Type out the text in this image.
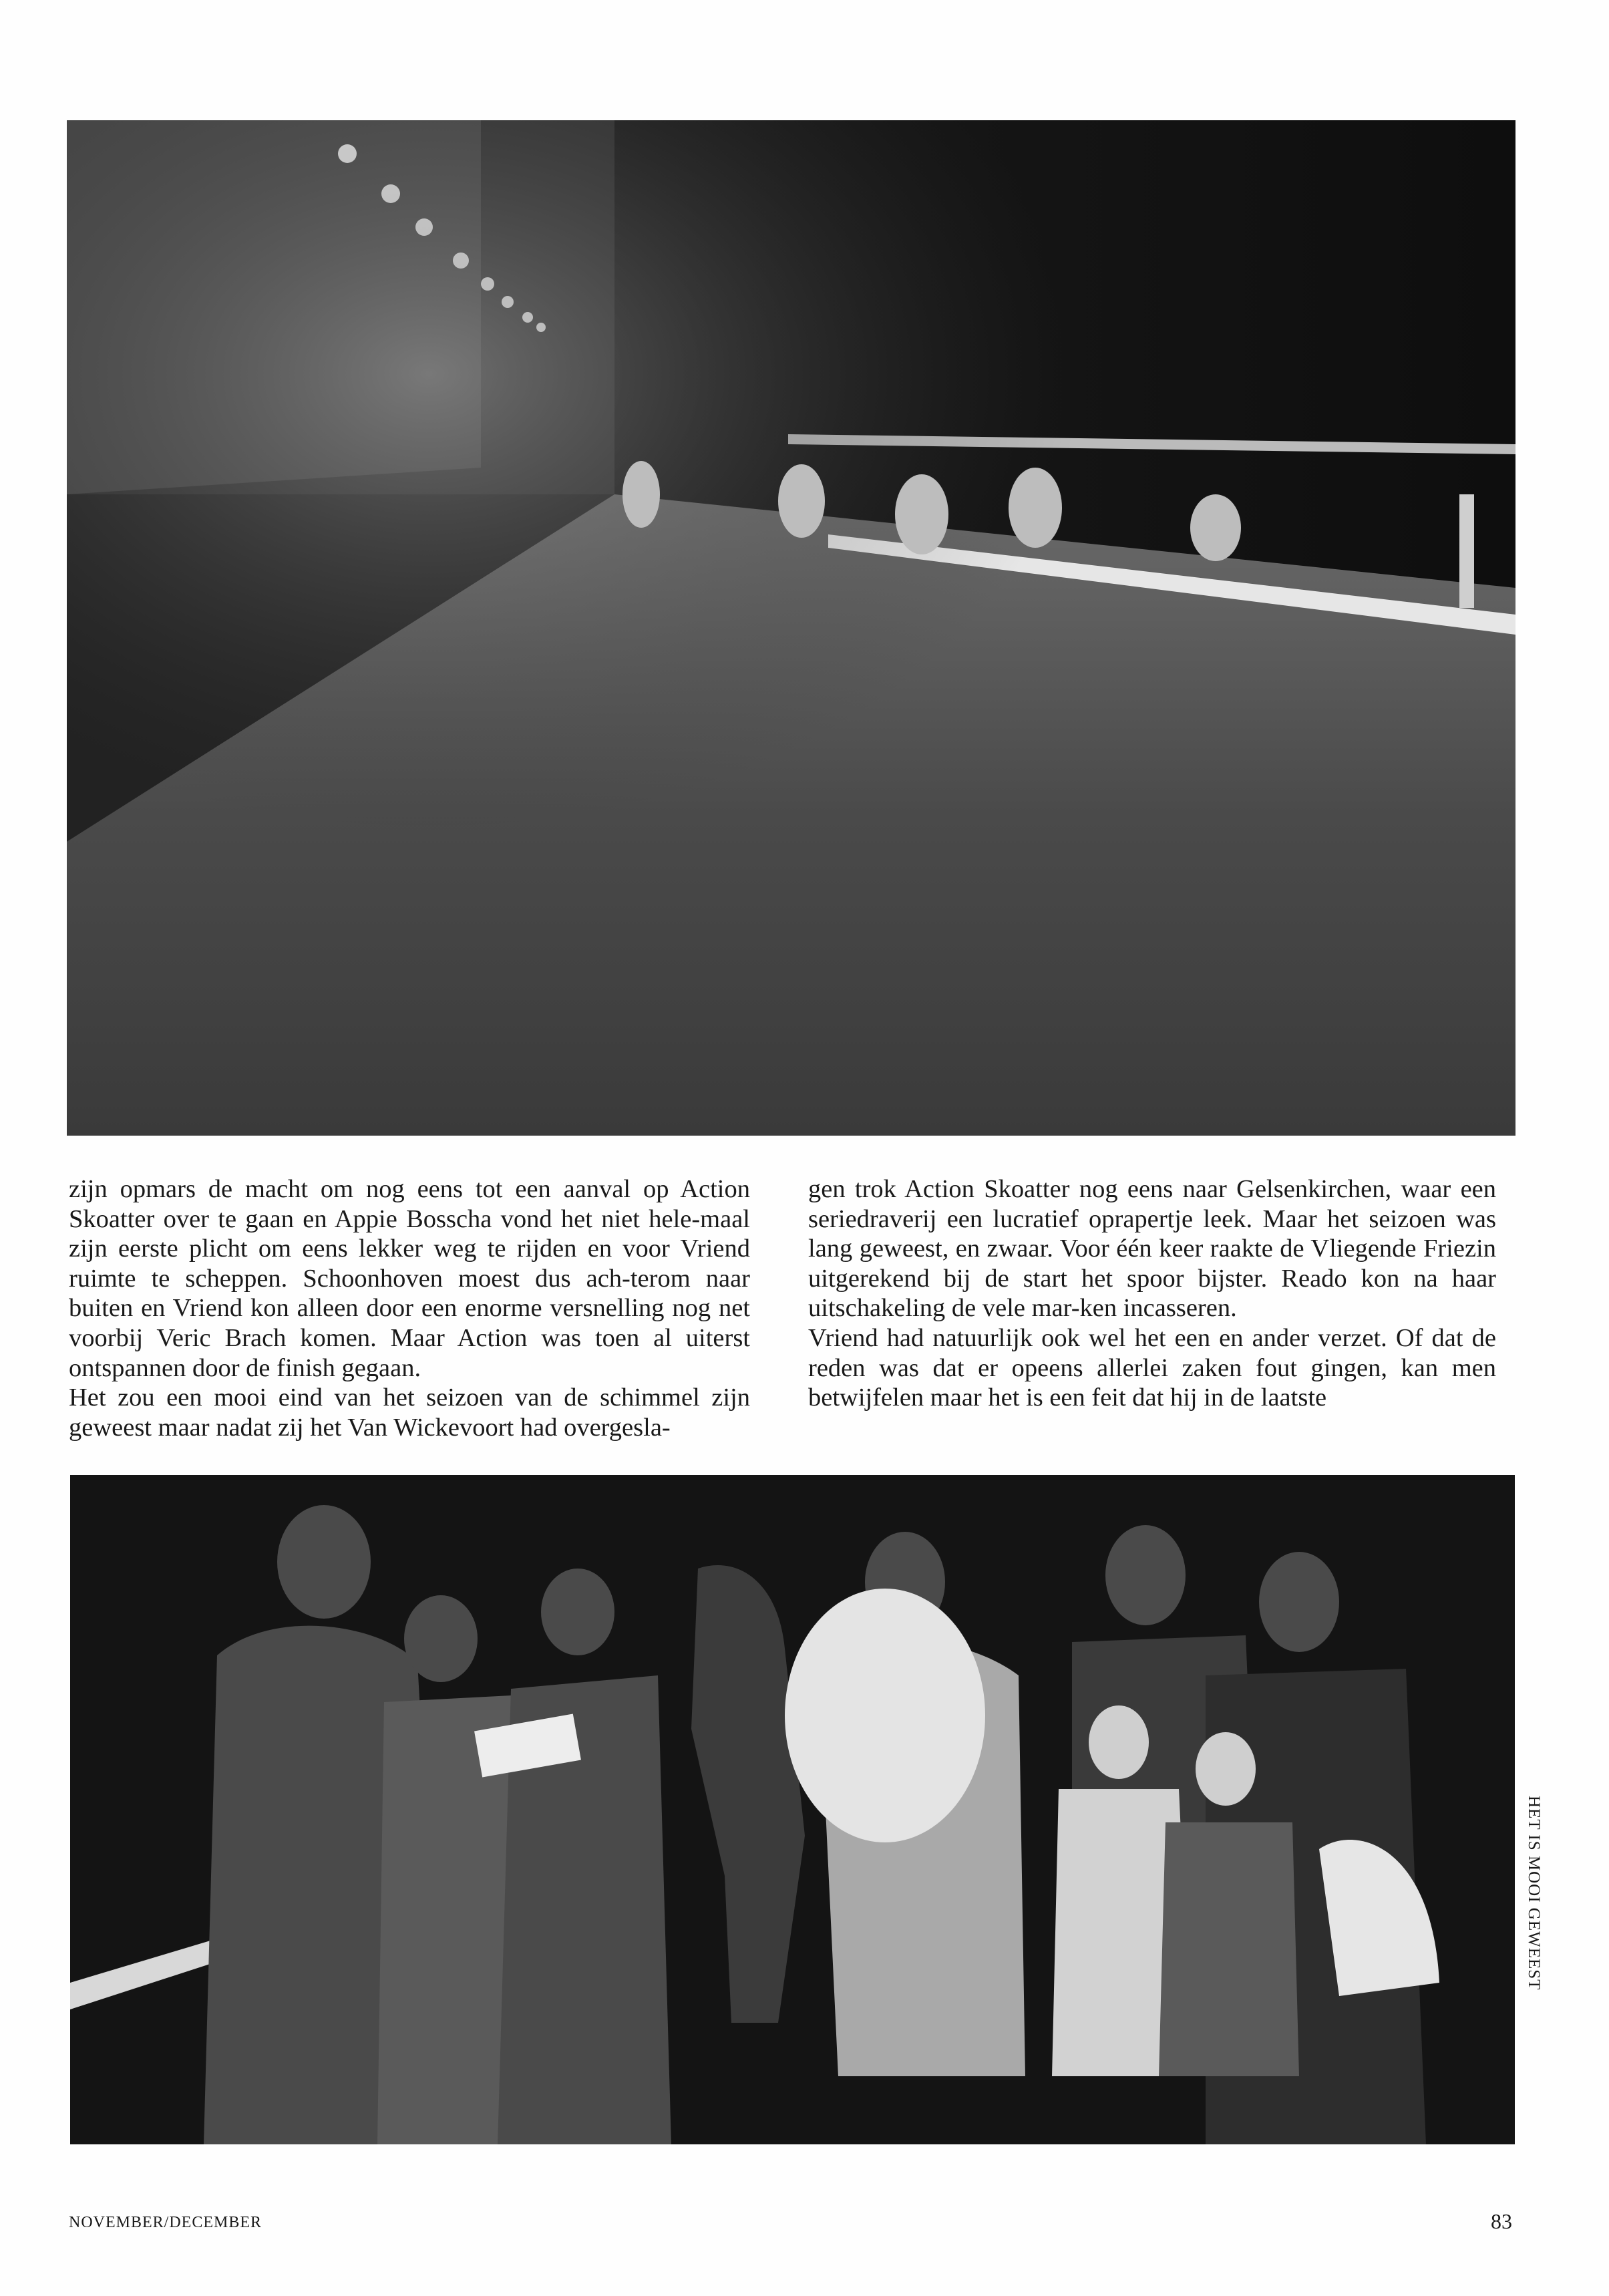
zijn opmars de macht om nog eens tot een aanval op Action Skoatter over te gaan en Appie Bosscha vond het niet hele-maal zijn eerste plicht om eens lekker weg te rijden en voor Vriend ruimte te scheppen. Schoonhoven moest dus ach-terom naar buiten en Vriend kon alleen door een enorme versnelling nog net voorbij Veric Brach komen. Maar Action was toen al uiterst ontspannen door de finish gegaan.

Het zou een mooi eind van het seizoen van de schimmel zijn geweest maar nadat zij het Van Wickevoort had overgesla-

gen trok Action Skoatter nog eens naar Gelsenkirchen, waar een seriedraverij een lucratief oprapertje leek. Maar het seizoen was lang geweest, en zwaar. Voor één keer raakte de Vliegende Friezin uitgerekend bij de start het spoor bijster. Reado kon na haar uitschakeling de vele mar-ken incasseren.

Vriend had natuurlijk ook wel het een en ander verzet. Of dat de reden was dat er opeens allerlei zaken fout gingen, kan men betwijfelen maar het is een feit dat hij in de laatste

HET IS MOOI GEWEEST
NOVEMBER/DECEMBER	83
